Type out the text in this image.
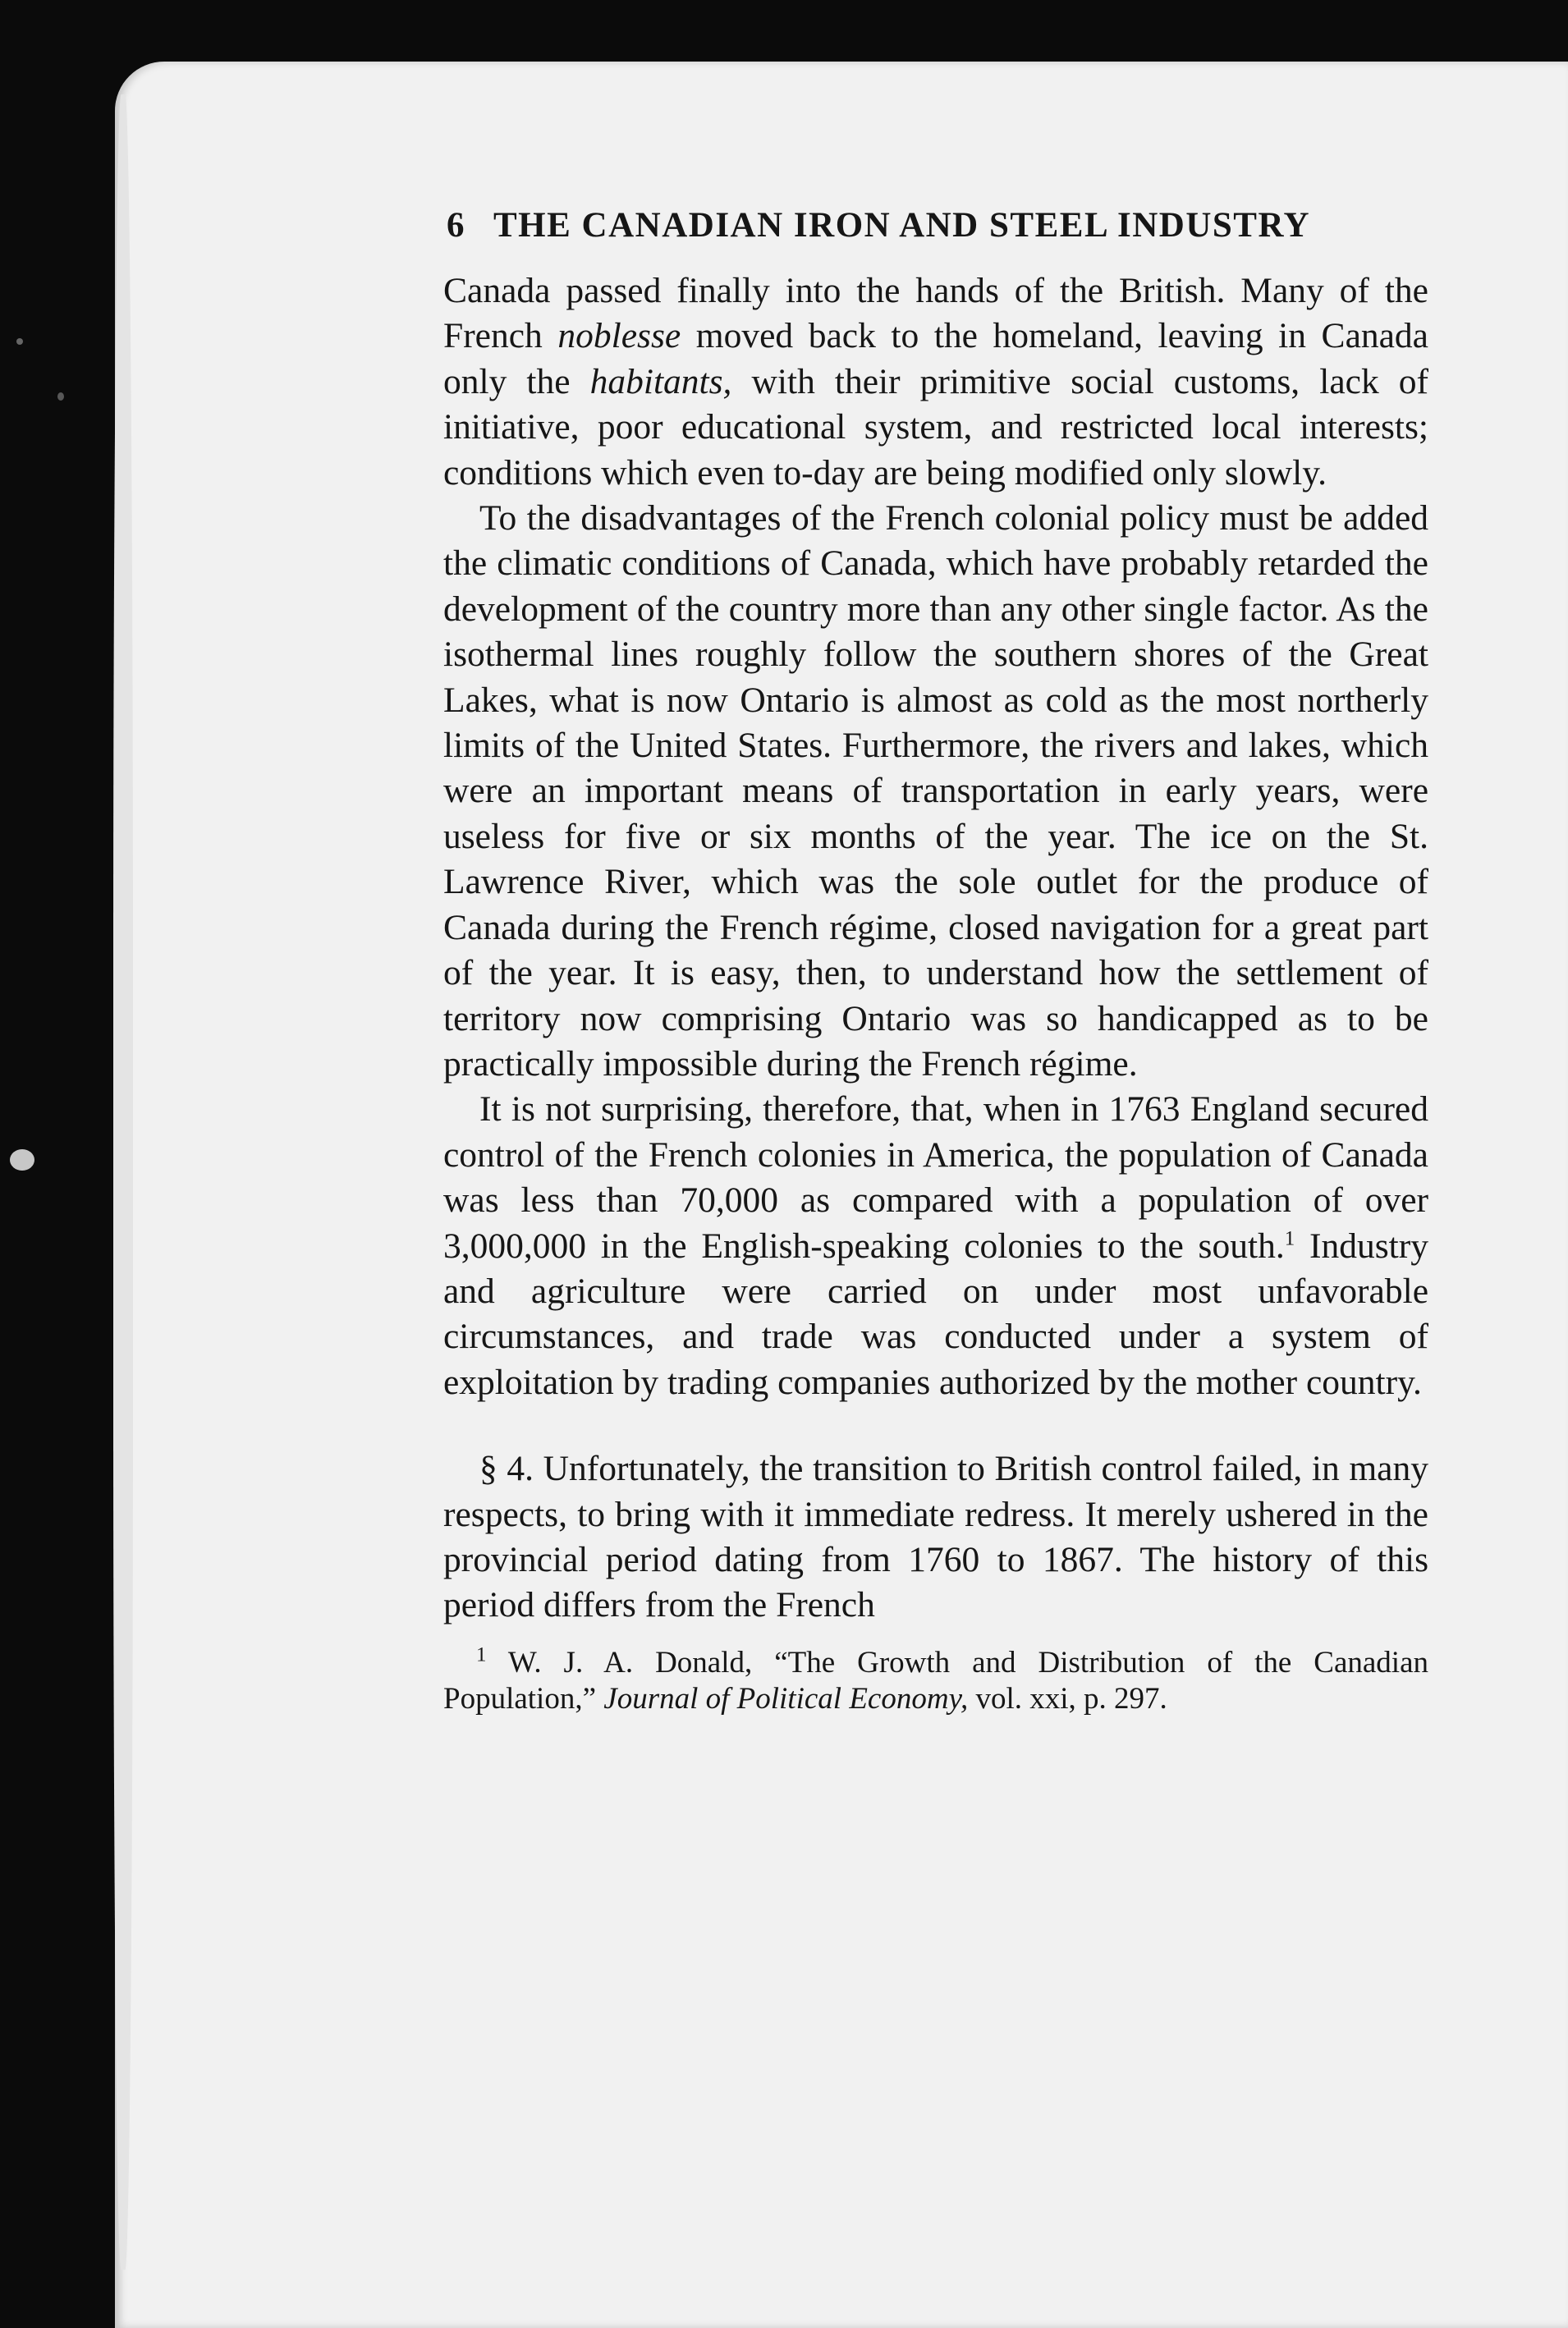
6 THE CANADIAN IRON AND STEEL INDUSTRY

Canada passed finally into the hands of the British. Many of the French noblesse moved back to the homeland, leaving in Canada only the habitants, with their primitive social customs, lack of initiative, poor educational system, and restricted local interests; conditions which even to-day are being modified only slowly.

To the disadvantages of the French colonial policy must be added the climatic conditions of Canada, which have probably retarded the development of the country more than any other single factor. As the isothermal lines roughly follow the southern shores of the Great Lakes, what is now Ontario is almost as cold as the most northerly limits of the United States. Furthermore, the rivers and lakes, which were an important means of transportation in early years, were useless for five or six months of the year. The ice on the St. Lawrence River, which was the sole outlet for the produce of Canada during the French régime, closed navigation for a great part of the year. It is easy, then, to understand how the settlement of territory now comprising Ontario was so handicapped as to be practically impossible during the French régime.

It is not surprising, therefore, that, when in 1763 England secured control of the French colonies in America, the population of Canada was less than 70,000 as compared with a population of over 3,000,000 in the English-speaking colonies to the south.$^1$ Industry and agriculture were carried on under most unfavorable circumstances, and trade was conducted under a system of exploitation by trading companies authorized by the mother country.

§ 4. Unfortunately, the transition to British control failed, in many respects, to bring with it immediate redress. It merely ushered in the provincial period dating from 1760 to 1867. The history of this period differs from the French

$^1$ W. J. A. Donald, “The Growth and Distribution of the Canadian Population,” Journal of Political Economy, vol. xxi, p. 297.
